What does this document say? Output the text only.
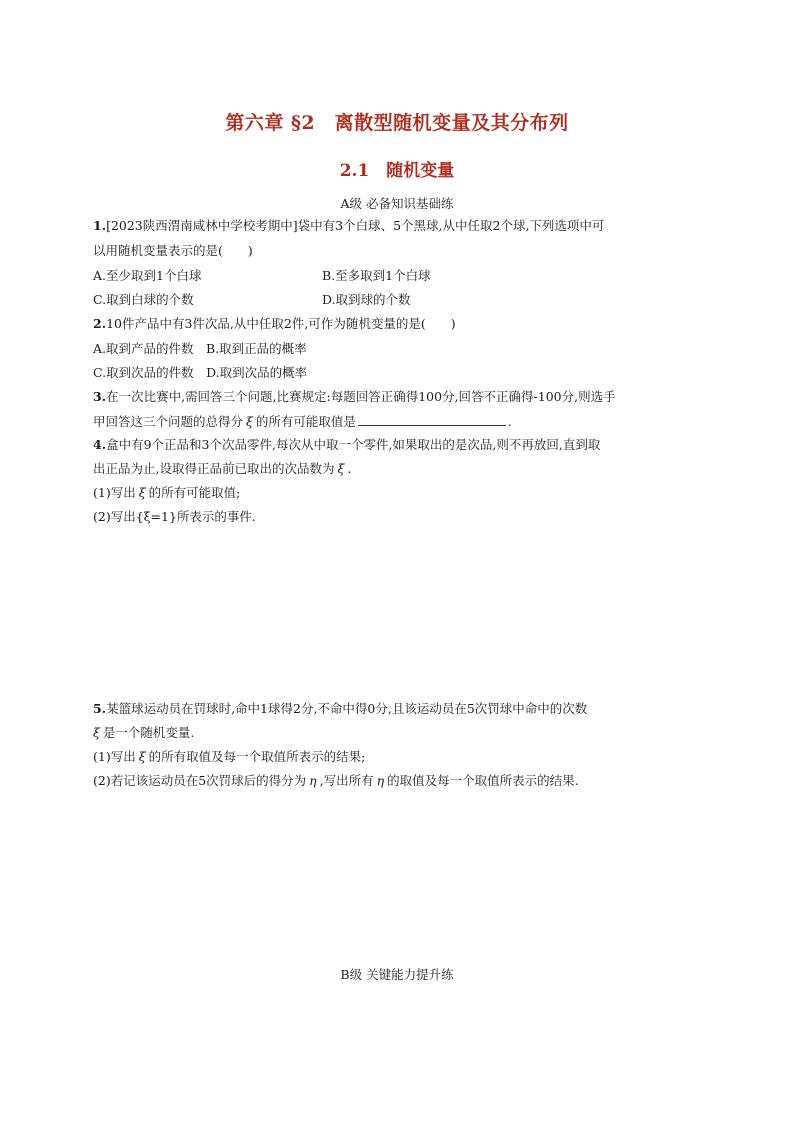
第六章 §2　离散型随机变量及其分布列
2.1　随机变量
A级 必备知识基础练
1.[2023陕西渭南咸林中学校考期中]袋中有3个白球、5个黑球,从中任取2个球,下列选项中可
以用随机变量表示的是(　　)
A.至少取到1个白球	B.至多取到1个白球
C.取到白球的个数	D.取到球的个数
2.10件产品中有3件次品,从中任取2件,可作为随机变量的是(　　)
A.取到产品的件数　B.取到正品的概率
C.取到次品的件数　D.取到次品的概率
3.在一次比赛中,需回答三个问题,比赛规定:每题回答正确得100分,回答不正确得-100分,则选手
甲回答这三个问题的总得分 ξ 的所有可能取值是	.
4.盒中有9个正品和3个次品零件,每次从中取一个零件,如果取出的是次品,则不再放回,直到取
出正品为止,设取得正品前已取出的次品数为 ξ .
(1)写出 ξ 的所有可能取值;
(2)写出{ξ=1}所表示的事件.
5.某篮球运动员在罚球时,命中1球得2分,不命中得0分,且该运动员在5次罚球中命中的次数
ξ 是一个随机变量.
(1)写出 ξ 的所有取值及每一个取值所表示的结果;
(2)若记该运动员在5次罚球后的得分为 η ,写出所有 η 的取值及每一个取值所表示的结果.
B级 关键能力提升练
